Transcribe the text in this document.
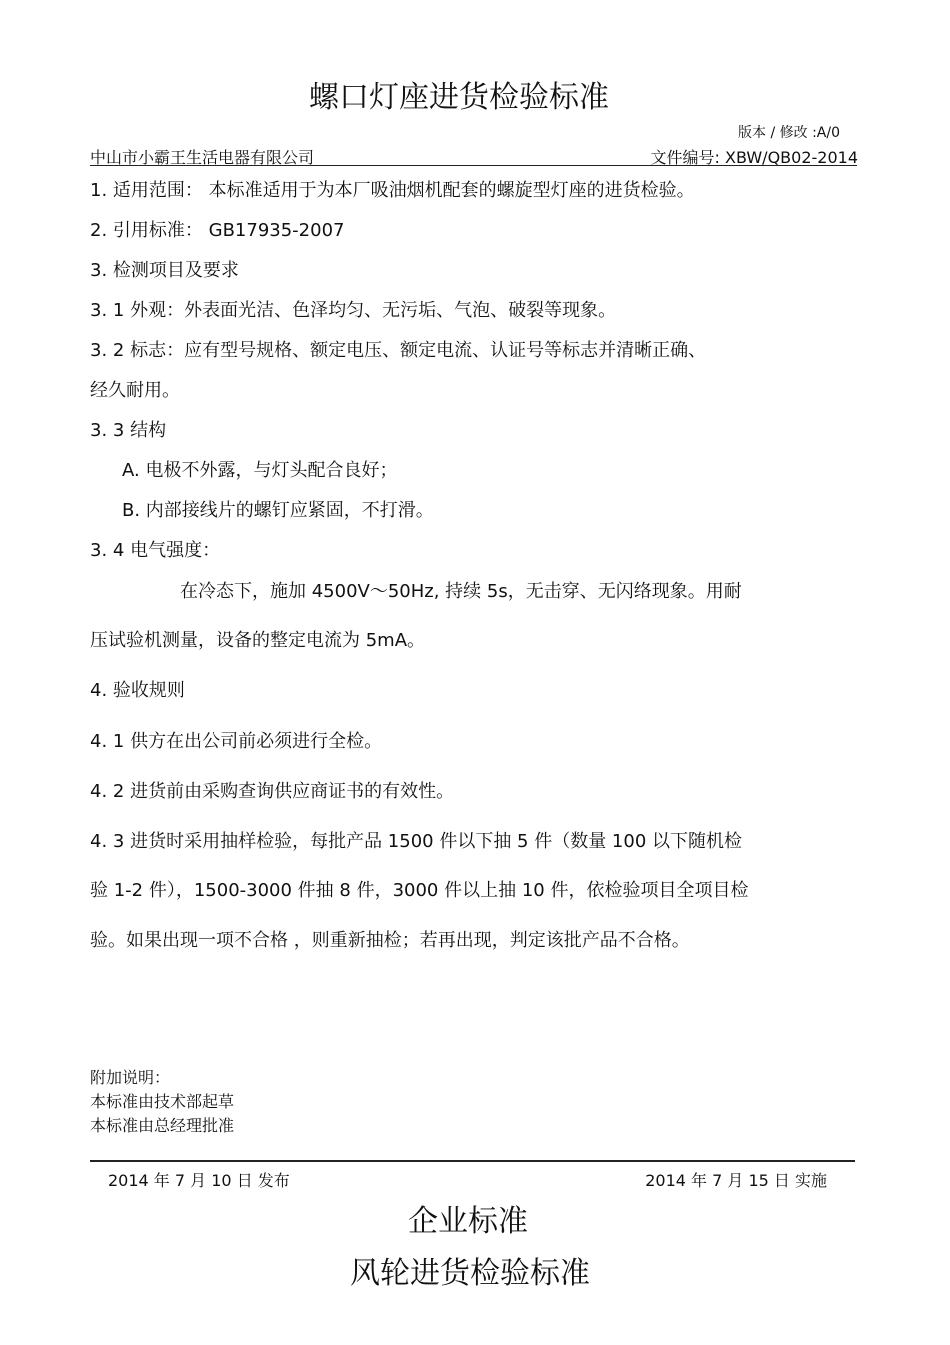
螺口灯座进货检验标准
版本 / 修改 :A/0
中山市小霸王生活电器有限公司	文件编号: XBW/QB02-2014
1. 适用范围： 本标准适用于为本厂吸油烟机配套的螺旋型灯座的进货检验。
2. 引用标准： GB17935-2007
3. 检测项目及要求
3. 1 外观：外表面光洁、色泽均匀、无污垢、气泡、破裂等现象。
3. 2 标志：应有型号规格、额定电压、额定电流、认证号等标志并清晰正确、
经久耐用。
3. 3 结构
A. 电极不外露，与灯头配合良好；
B. 内部接线片的螺钉应紧固，不打滑。
3. 4 电气强度：
在冷态下，施加 4500V～50Hz, 持续 5s，无击穿、无闪络现象。用耐
压试验机测量，设备的整定电流为 5mA。
4. 验收规则
4. 1 供方在出公司前必须进行全检。
4. 2 进货前由采购查询供应商证书的有效性。
4. 3 进货时采用抽样检验，每批产品 1500 件以下抽 5 件（数量 100 以下随机检
验 1-2 件），1500-3000 件抽 8 件，3000 件以上抽 10 件，依检验项目全项目检
验。如果出现一项不合格 ，则重新抽检；若再出现，判定该批产品不合格。
附加说明：
本标准由技术部起草
本标准由总经理批准
2014 年 7 月 10 日 发布	2014 年 7 月 15 日 实施
企业标准
风轮进货检验标准
